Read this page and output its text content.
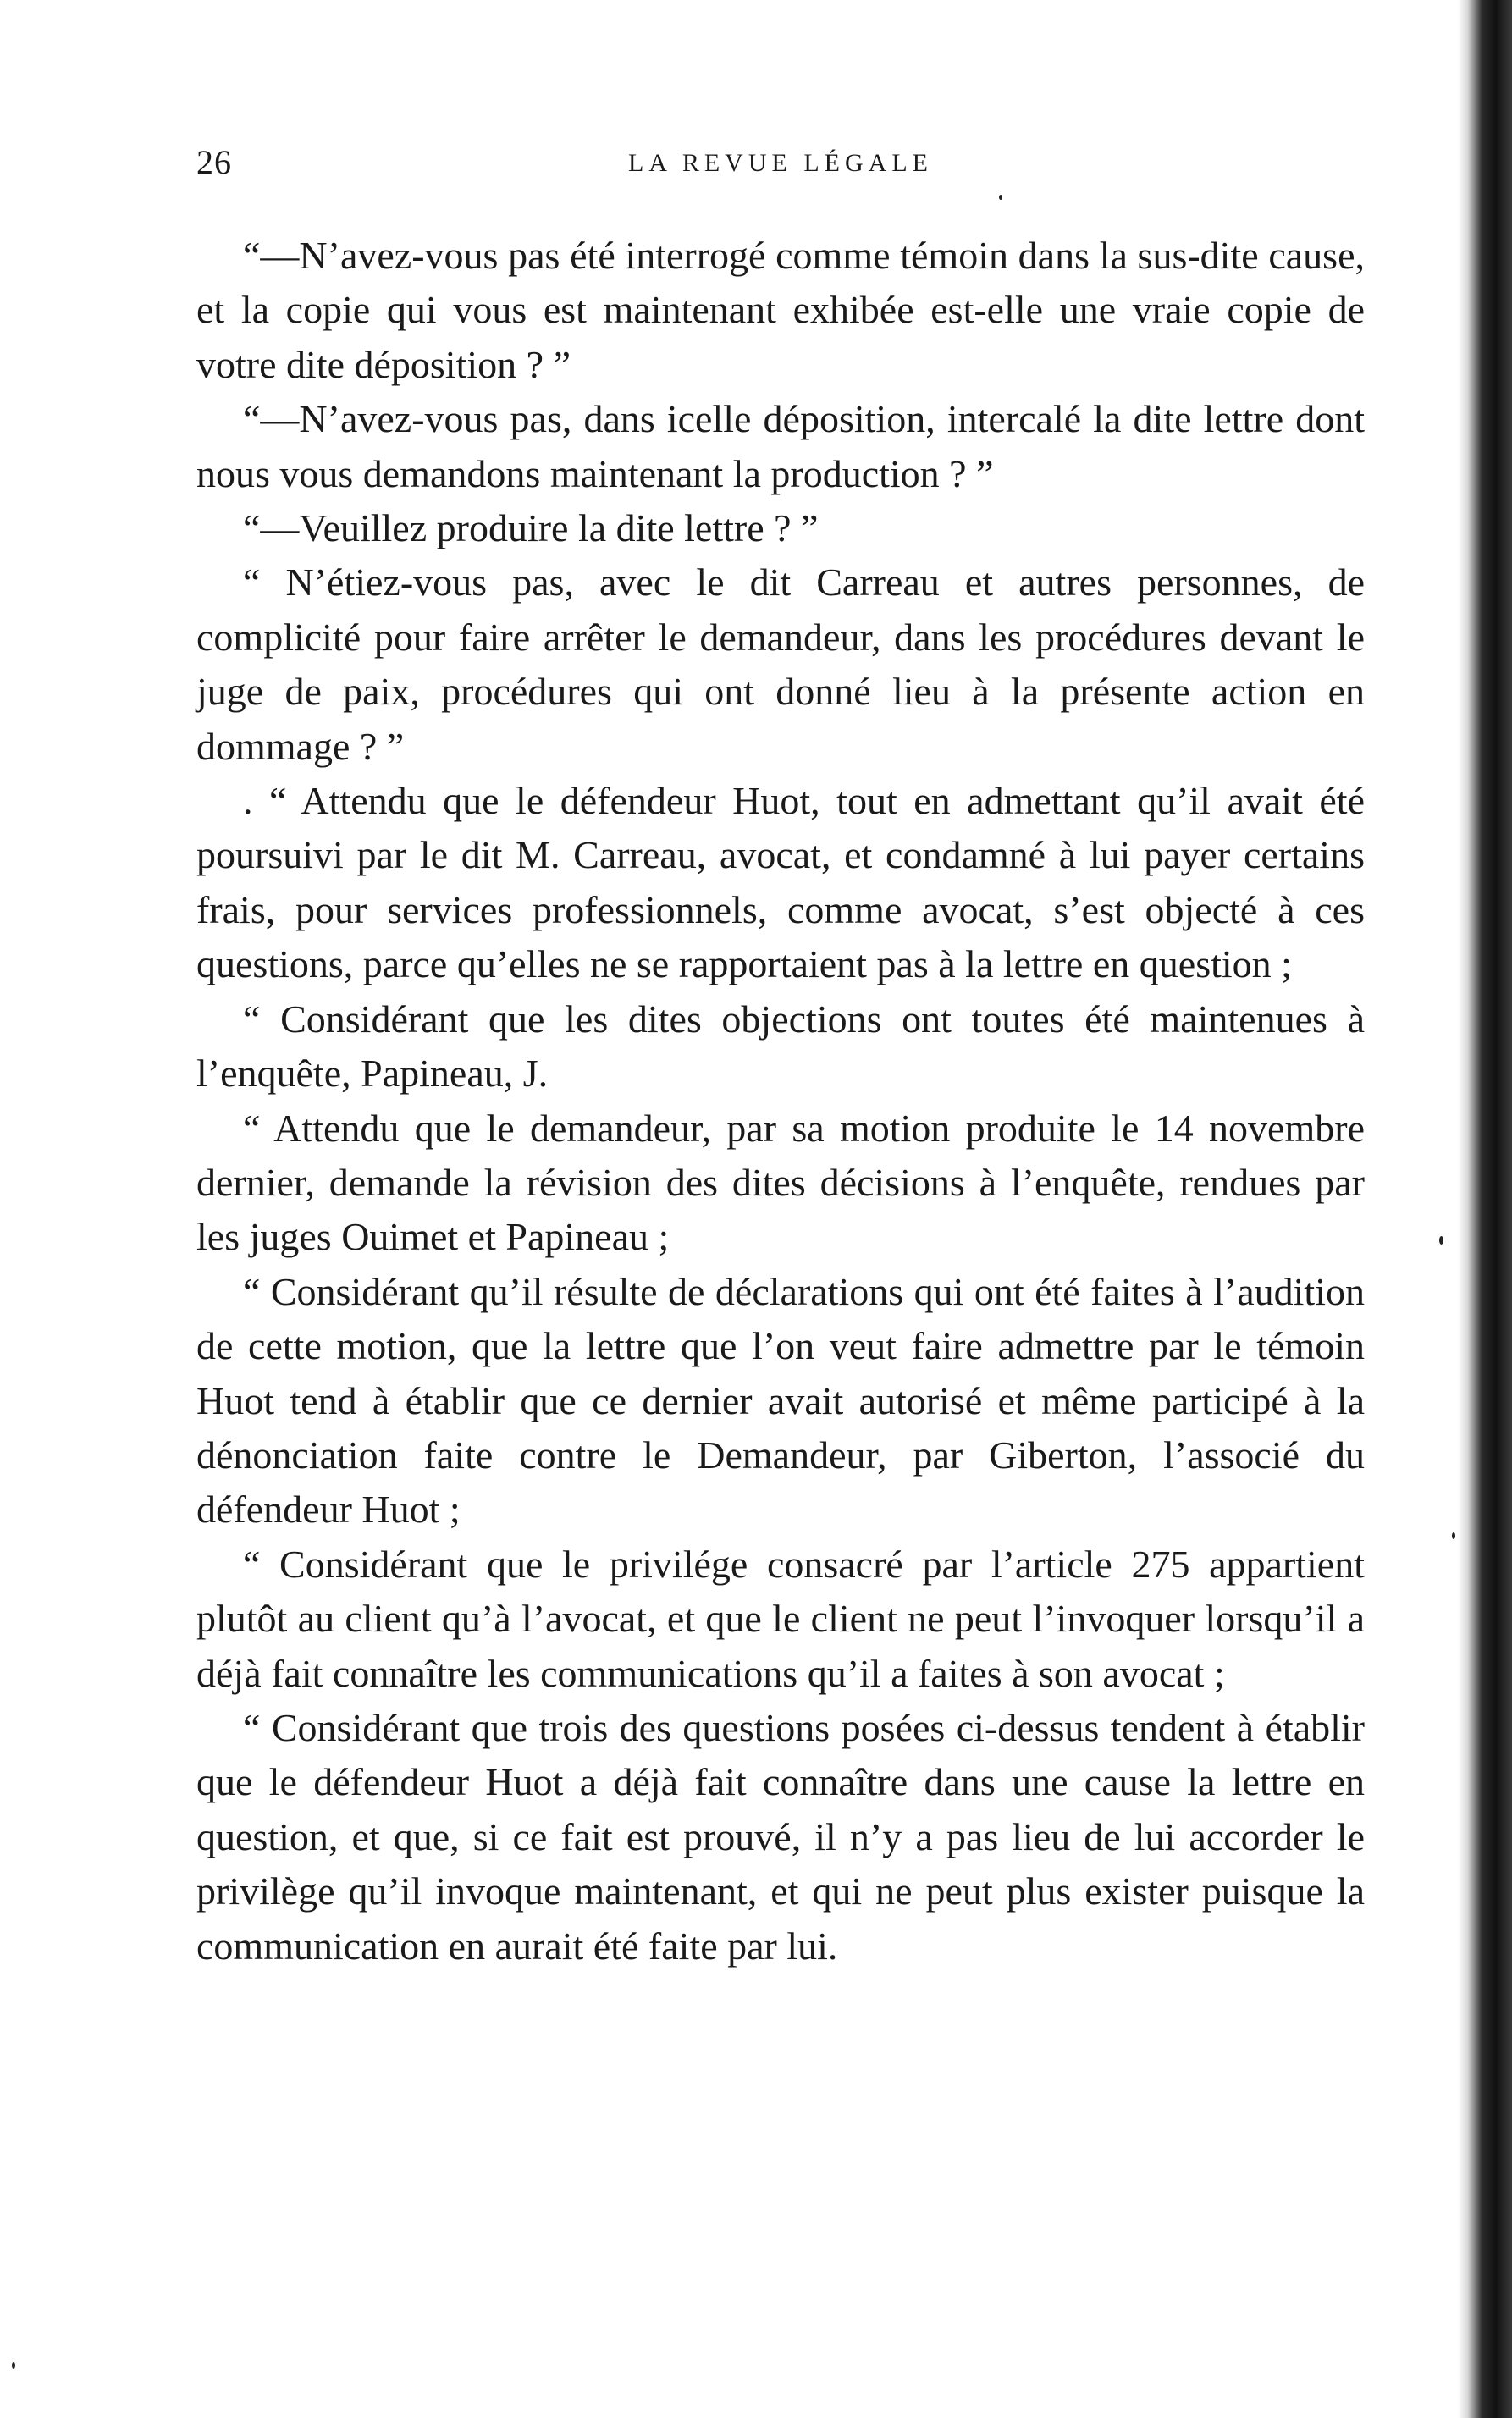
26	LA REVUE LÉGALE

“—N’avez-vous pas été interrogé comme témoin dans la sus-dite cause, et la copie qui vous est maintenant exhibée est-elle une vraie copie de votre dite déposition ? ”

“—N’avez-vous pas, dans icelle déposition, intercalé la dite lettre dont nous vous demandons maintenant la production ? ”

“—Veuillez produire la dite lettre ? ”

“ N’étiez-vous pas, avec le dit Carreau et autres personnes, de complicité pour faire arrêter le demandeur, dans les procédures devant le juge de paix, procédures qui ont donné lieu à la présente action en dommage ? ”

. “ Attendu que le défendeur Huot, tout en admettant qu’il avait été poursuivi par le dit M. Carreau, avocat, et condamné à lui payer certains frais, pour services professionnels, comme avocat, s’est objecté à ces questions, parce qu’elles ne se rapportaient pas à la lettre en question ;

“ Considérant que les dites objections ont toutes été maintenues à l’enquête, Papineau, J.

“ Attendu que le demandeur, par sa motion produite le 14 novembre dernier, demande la révision des dites décisions à l’enquête, rendues par les juges Ouimet et Papineau ;

“ Considérant qu’il résulte de déclarations qui ont été faites à l’audition de cette motion, que la lettre que l’on veut faire admettre par le témoin Huot tend à établir que ce dernier avait autorisé et même participé à la dénonciation faite contre le Demandeur, par Giberton, l’associé du défendeur Huot ;

“ Considérant que le privilége consacré par l’article 275 appartient plutôt au client qu’à l’avocat, et que le client ne peut l’invoquer lorsqu’il a déjà fait connaître les communications qu’il a faites à son avocat ;

“ Considérant que trois des questions posées ci-dessus tendent à établir que le défendeur Huot a déjà fait connaître dans une cause la lettre en question, et que, si ce fait est prouvé, il n’y a pas lieu de lui accorder le privilège qu’il invoque maintenant, et qui ne peut plus exister puisque la communication en aurait été faite par lui.
